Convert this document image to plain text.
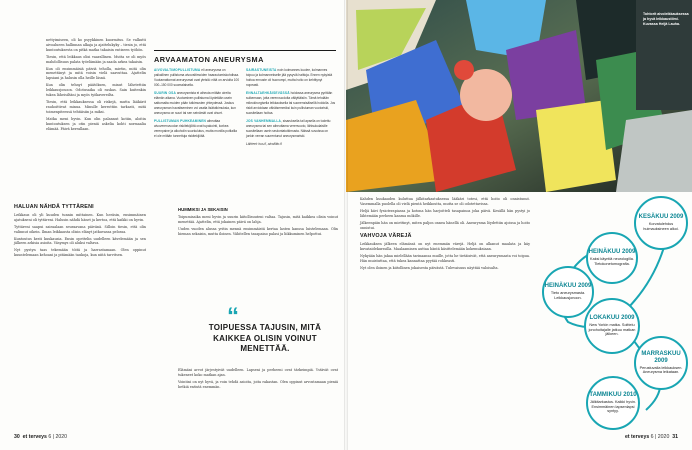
nettyimiseen, oli ko psyykkinen kuormitus. Se valkutti aivoalueen hallinnan alkaja ja ajattelukyky – tiesin jo, että kuntoutuksesta on pitkä matka takaisin entiseen työhön.

Tiesin, että leikkaus olisi vaarallinen. Mutta se oli myös mahdollisuus palata työelämään ja saada arkea takaisin.

Kun oli ensimmäisiä päiviä teholla, mietin, mitä olin menettänyt ja mitä voisin vielä saavuttaa. Ajattelin lapsiani ja halusin olla heille läsnä.

Kun olin tehnyt päätöksen, minut lähetettiin leikkausjonoon. Odotusaika oli raskas. Sain kuitenkin tukea läheisiltäni ja myös työkavereilta.

Tiesin, että leikkauksessa oli riskejä, mutta lääkärit rauhoittivat minua. Minulle kerrottiin tarkasti, mitä toimenpiteessä tehtäisiin ja miksi.

Matka meni hyvin. Kun olin palannut kotiin, aloitin kuntoutuksen ja otin pieniä askelia kohti normaalia elämää. Päivä kerrallaan.

HALUAN NÄHDÄ TYTTÄRENI

Leikkaus oli yli kuuden tunnin mittainen. Kun heräsin, ensimmäinen ajatukseni oli tyttäreni. Halusin nähdä hänet ja kertoa, että kaikki on hyvin.

Tyttäreni saapui sairaalaan seuraavana päivänä. Silloin tiesin, että olin valinnut oikein. Ilman leikkausta olisin elänyt jatkuvassa pelossa.

Kuntoutus kesti kuukausia. Ensin opettelin uudelleen kävelemään ja sen jälkeen arkisia asioita. Väsymys oli aluksi valtava.

Nyt pystyn taas tekemään töitä ja harrastamaan. Olen oppinut kuuntelemaan kehoani ja pitämään taukoja, kun niitä tarvitsen.

ARVAAMATON ANEURYSMA

AIVOVALTIMOPULLISTUMA eli aneurysma on paikallinen pullistuma aivovaltimoiden haarautumiskohdissa. Vuotamattomat aneurysmat ovat yleisiä: niitä on arviolta 100 000–150 000 suomalaisella.

SUURIN OSA aneurysmista ei aiheuta mitään oireita elämän aikana. Vuotaminen pullistuma löydetään usein sattumalta muiden pään tutkimusten yhteydessä. Joskus aneurysman havaitseminen voi vaatia lisätutkimuksia, kun aneurysma on suuri tai sen seinämät ovat ohuet.

PULLISTUMAN PUHKEAMINEN aiheuttaa aivoverenvuodon riskitekijöitä ovat tupakointi, korkea verenpaine ja alkoholin suurkulutus, mutta monilla potilailla ei ole mitään tunnettuja riskitekijöitä.

SAIRASTUNEISTA noin kolmannes kuolee, kolmannes toipuu ja kolmannekselle jää pysyviä haittoja. Ennen nykyistä hoitoa ennuste oli huonompi, mutta hoito on kehittynyt nopeasti.

ENNALTAEHKÄISEVÄSSÄ hoidossa aneurysma pyritään sulkemaan, jotta verenvuodolta vältyttäisiin. Tämä tehdään mikrokirurgisella leikkauksella tai suonensisäisellä hoidolla. Jos riskit arvioidaan vähäisemmiksi kuin pullistuman vuotoriski, suositellaan hoitoa.

JOS VANHEMMALLA, sisaruksella tai lapsella on todettu aneurysma tai sen aiheuttama verenvuoto, lähisukulaisille suositellaan usein seulontatutkimusta. Näissä suvuissa on jonkin verran suurentunut aneurysmariski.

Lähteet: hus.fi, aivoliitto.fi

HUMMIKSI JA SEKAISIN

Toipumisaika meni hyvin ja suurin kiitollisuuteni valtaa. Tajusin, mitä kaikkea olisin voinut menettää. Ajattelin, että jokainen päivä on lahja.

Uuden vuoden alussa yritin mennä ensimmäistä kertaa lasten kanssa luistelemaan. Olin hieman sekaisin, mutta iloinen. Vähitellen tasapaino palasi ja liikkuminen helpottui.

“
TOIPUESSA TAJUSIN, MITÄ KAIKKEA OLISIN VOINUT MENETTÄÄ.

Elämäni arvot järjestyivät uudelleen. Lapseni ja perheeni ovat tärkeimpiä. Ystävät ovat tukeneet koko matkan ajan.

Vointini on nyt hyvä, ja voin tehdä asioita, joita rakastan. Olen oppinut arvostamaan pieniä hetkiä entistä enemmän.

30 et terveys 6 | 2020
Tohtorit aivoleikkauksessa ja hyvä leikkaustiimi. Kuvassa Heljä Lauha.

Kahden kuukauden kuluttua jälkitarkastuksessa lääkäri totesi, että hoito oli onnistunut. Vasemmalla puolella oli vielä pientä heikkoutta, mutta se oli odotettavissa.

Heljä kävi fysioterapiassa ja kotona hän harjoitteli tasapainoa joka päivä. Kesällä hän pystyi jo lähtemään perheen kanssa mökille.

Jälkeenpäin hän on miettinyt, miten paljon onnea hänellä oli. Aneurysma löydettiin ajoissa ja hoito onnistui.

VAHVOJA VÄREJÄ

Leikkauksen jälkeen elämässä on nyt enemmän värejä. Heljä on alkanut maalata ja käy kuvataidekurssilla. Maalaaminen auttaa häntä käsittelemään kokemuksiaan.

Nykyään hän jakaa mielellään tarinaansa muille, jotta he tietäisivät, että aneurysmasta voi toipua. Hän muistuttaa, että tukea kannattaa pyytää rohkeasti.

Nyt olen iloinen ja kiitollinen jokaisesta päivästä. Tulevaisuus näyttää valoisalta.

KESÄKUU 2009
Korvatulehdus huimauksineen alkoi.
HEINÄKUU 2009
Kaksi käyntiä neurologilla. Tietokonetomografia.
HEINÄKUU 2009
Tieto aneurysmasta. Leikkausjonoon.
LOKAKUU 2009
New Yorkin matka. Soittelu jonohoitajalle jatkuu matkan jälkeen.
MARRASKUU 2009
Perustuvalla leikkauksen. Aneurysma leikataan.
TAMMIKUU 2010
Jälkitarkastus. Kaikki hyvin. Ensimmäinen lapsenlapsi syntyy.
et terveys 6 | 2020 31
